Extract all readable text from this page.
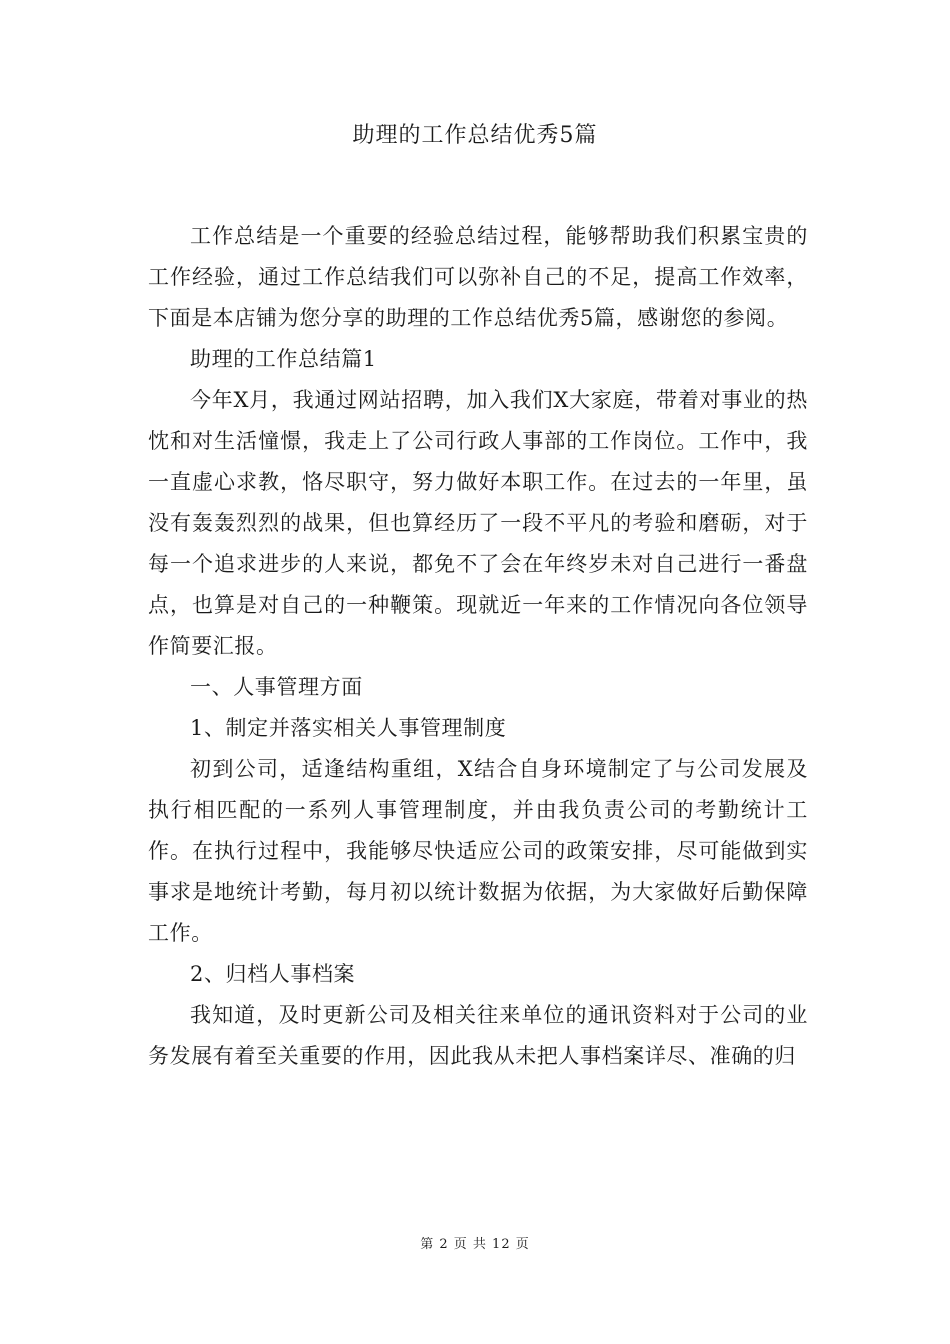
助理的工作总结优秀5篇

工作总结是一个重要的经验总结过程，能够帮助我们积累宝贵的工作经验，通过工作总结我们可以弥补自己的不足，提高工作效率，下面是本店铺为您分享的助理的工作总结优秀5篇，感谢您的参阅。

助理的工作总结篇1

今年X月，我通过网站招聘，加入我们X大家庭，带着对事业的热忱和对生活憧憬，我走上了公司行政人事部的工作岗位。工作中，我一直虚心求教，恪尽职守，努力做好本职工作。在过去的一年里，虽没有轰轰烈烈的战果，但也算经历了一段不平凡的考验和磨砺，对于每一个追求进步的人来说，都免不了会在年终岁未对自己进行一番盘点，也算是对自己的一种鞭策。现就近一年来的工作情况向各位领导作简要汇报。

一、人事管理方面

1、制定并落实相关人事管理制度

初到公司，适逢结构重组，X结合自身环境制定了与公司发展及执行相匹配的一系列人事管理制度，并由我负责公司的考勤统计工作。在执行过程中，我能够尽快适应公司的政策安排，尽可能做到实事求是地统计考勤，每月初以统计数据为依据，为大家做好后勤保障工作。

2、归档人事档案

我知道，及时更新公司及相关往来单位的通讯资料对于公司的业务发展有着至关重要的作用，因此我从未把人事档案详尽、准确的归

第 2 页 共 12 页
